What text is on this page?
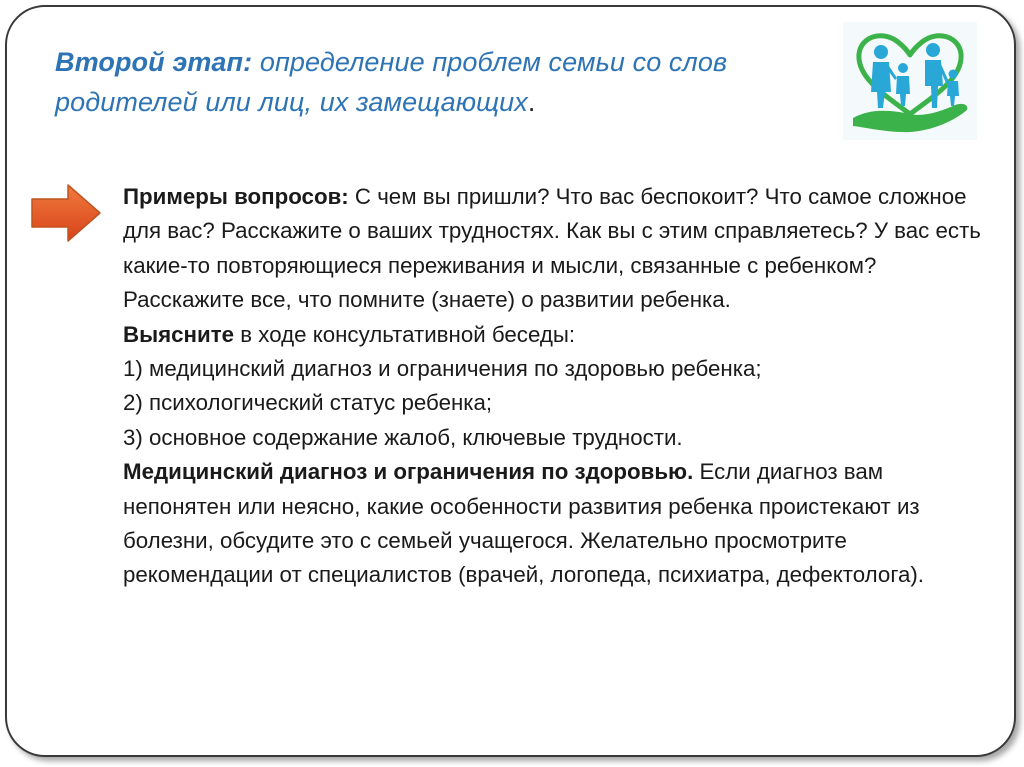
Второй этап: определение проблем семьи со слов родителей или лиц, их замещающих.

Примеры вопросов: С чем вы пришли? Что вас беспокоит? Что самое сложное для вас? Расскажите о ваших трудностях. Как вы с этим справляетесь? У вас есть какие-то повторяющиеся переживания и мысли, связанные с ребенком? Расскажите все, что помните (знаете) о развитии ребенка.

Выясните в ходе консультативной беседы:

1) медицинский диагноз и ограничения по здоровью ребенка;

2) психологический статус ребенка;

3) основное содержание жалоб, ключевые трудности.

Медицинский диагноз и ограничения по здоровью. Если диагноз вам непонятен или неясно, какие особенности развития ребенка проистекают из болезни, обсудите это с семьей учащегося. Желательно просмотрите рекомендации от специалистов (врачей, логопеда, психиатра, дефектолога).
